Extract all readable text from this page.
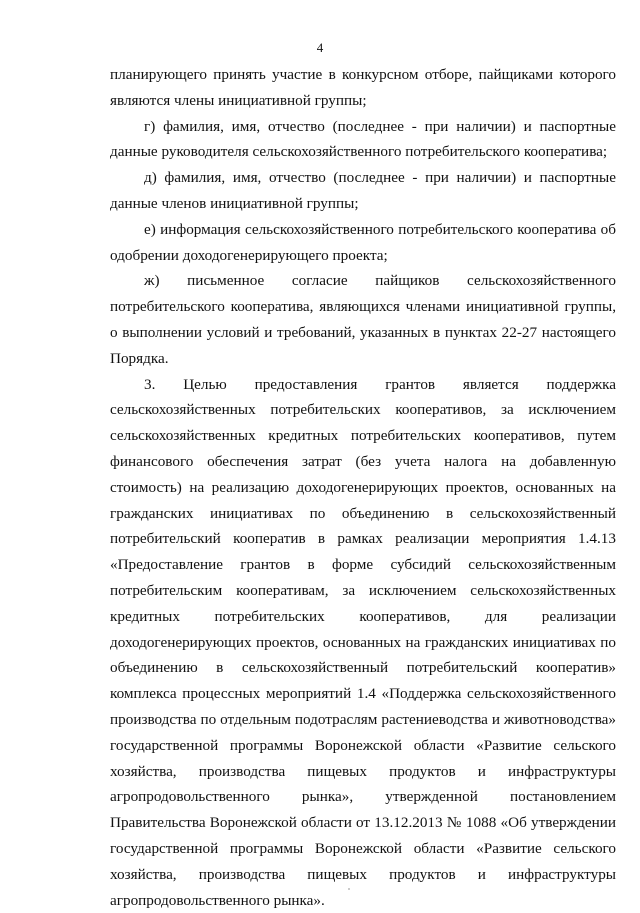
4

планирующего принять участие в конкурсном отборе, пайщиками которого являются члены инициативной группы;

г) фамилия, имя, отчество (последнее - при наличии) и паспортные данные руководителя сельскохозяйственного потребительского кооператива;

д) фамилия, имя, отчество (последнее - при наличии) и паспортные данные членов инициативной группы;

е) информация сельскохозяйственного потребительского кооператива об одобрении доходогенерирующего проекта;

ж) письменное согласие пайщиков сельскохозяйственного потребительского кооператива, являющихся членами инициативной группы, о выполнении условий и требований, указанных в пунктах 22-27 настоящего Порядка.

3. Целью предоставления грантов является поддержка сельскохозяйственных потребительских кооперативов, за исключением сельскохозяйственных кредитных потребительских кооперативов, путем финансового обеспечения затрат (без учета налога на добавленную стоимость) на реализацию доходогенерирующих проектов, основанных на гражданских инициативах по объединению в сельскохозяйственный потребительский кооператив в рамках реализации мероприятия 1.4.13 «Предоставление грантов в форме субсидий сельскохозяйственным потребительским кооперативам, за исключением сельскохозяйственных кредитных потребительских кооперативов, для реализации доходогенерирующих проектов, основанных на гражданских инициативах по объединению в сельскохозяйственный потребительский кооператив» комплекса процессных мероприятий 1.4 «Поддержка сельскохозяйственного производства по отдельным подотраслям растениеводства и животноводства» государственной программы Воронежской области «Развитие сельского хозяйства, производства пищевых продуктов и инфраструктуры агропродовольственного рынка», утвержденной постановлением Правительства Воронежской области от 13.12.2013 № 1088 «Об утверждении государственной программы Воронежской области «Развитие сельского хозяйства, производства пищевых продуктов и инфраструктуры агропродовольственного рынка».
